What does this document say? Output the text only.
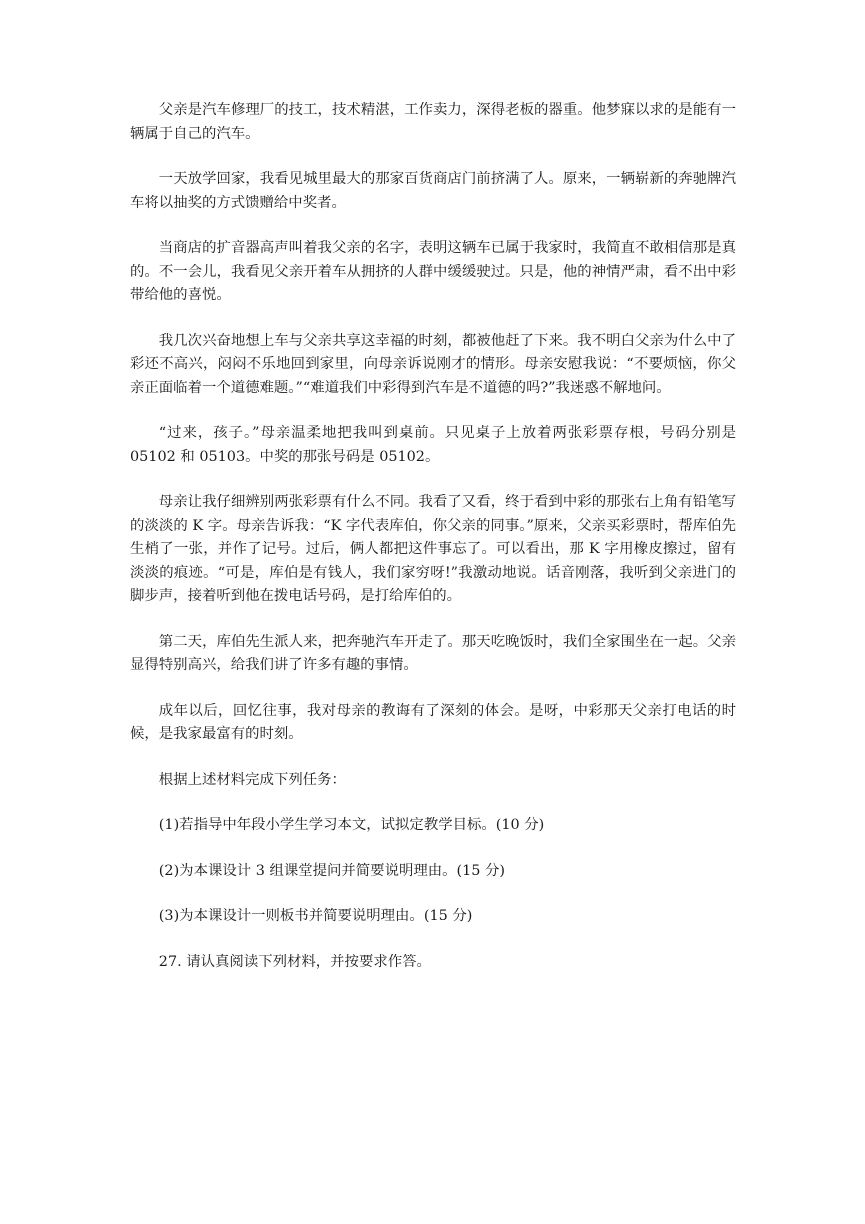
父亲是汽车修理厂的技工，技术精湛，工作卖力，深得老板的器重。他梦寐以求的是能有一辆属于自己的汽车。

一天放学回家，我看见城里最大的那家百货商店门前挤满了人。原来，一辆崭新的奔驰牌汽车将以抽奖的方式馈赠给中奖者。

当商店的扩音器高声叫着我父亲的名字，表明这辆车已属于我家时，我简直不敢相信那是真的。不一会儿，我看见父亲开着车从拥挤的人群中缓缓驶过。只是，他的神情严肃，看不出中彩带给他的喜悦。

我几次兴奋地想上车与父亲共享这幸福的时刻，都被他赶了下来。我不明白父亲为什么中了彩还不高兴，闷闷不乐地回到家里，向母亲诉说刚才的情形。母亲安慰我说：“不要烦恼，你父亲正面临着一个道德难题。”“难道我们中彩得到汽车是不道德的吗?”我迷惑不解地问。

“过来，孩子。”母亲温柔地把我叫到桌前。只见桌子上放着两张彩票存根，号码分别是 05102 和 05103。中奖的那张号码是 05102。

母亲让我仔细辨别两张彩票有什么不同。我看了又看，终于看到中彩的那张右上角有铅笔写的淡淡的 K 字。母亲告诉我：“K 字代表库伯，你父亲的同事。”原来，父亲买彩票时，帮库伯先生梢了一张，并作了记号。过后，俩人都把这件事忘了。可以看出，那 K 字用橡皮擦过，留有淡淡的痕迹。“可是，库伯是有钱人，我们家穷呀!”我激动地说。话音刚落，我听到父亲进门的脚步声，接着听到他在拨电话号码，是打给库伯的。

第二天，库伯先生派人来，把奔驰汽车开走了。那天吃晚饭时，我们全家围坐在一起。父亲显得特别高兴，给我们讲了许多有趣的事情。

成年以后，回忆往事，我对母亲的教诲有了深刻的体会。是呀，中彩那天父亲打电话的时候，是我家最富有的时刻。

根据上述材料完成下列任务：

(1)若指导中年段小学生学习本文，试拟定教学目标。(10 分)

(2)为本课设计 3 组课堂提问并简要说明理由。(15 分)

(3)为本课设计一则板书并简要说明理由。(15 分)

27. 请认真阅读下列材料，并按要求作答。
